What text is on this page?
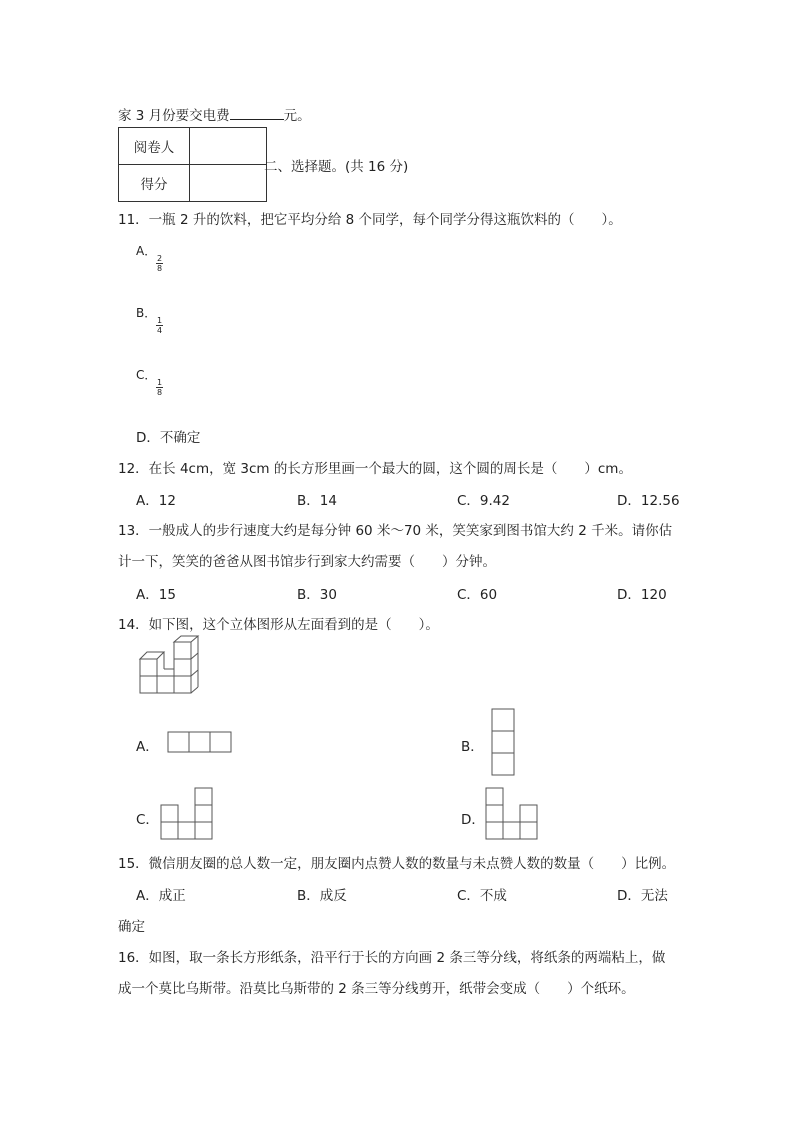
家 3 月份要交电费	元。
阅卷人	
得分	
二、选择题。(共 16 分)
11．一瓶 2 升的饮料，把它平均分给 8 个同学，每个同学分得这瓶饮料的（　　）。
A．
$\frac{2}{8}$
B．
$\frac{1}{4}$
C．
$\frac{1}{8}$
D．不确定
12．在长 4cm，宽 3cm 的长方形里画一个最大的圆，这个圆的周长是（　　）cm。
A．12	B．14	C．9.42	D．12.56
13．一般成人的步行速度大约是每分钟 60 米～70 米，笑笑家到图书馆大约 2 千米。请你估
计一下，笑笑的爸爸从图书馆步行到家大约需要（　　）分钟。
A．15	B．30	C．60	D．120
14．如下图，这个立体图形从左面看到的是（　　）。
A．	B．
C．	D．
15．微信朋友圈的总人数一定，朋友圈内点赞人数的数量与未点赞人数的数量（　　）比例。
A．成正	B．成反	C．不成	D．无法
确定
16．如图，取一条长方形纸条，沿平行于长的方向画 2 条三等分线，将纸条的两端粘上，做
成一个莫比乌斯带。沿莫比乌斯带的 2 条三等分线剪开，纸带会变成（　　）个纸环。
